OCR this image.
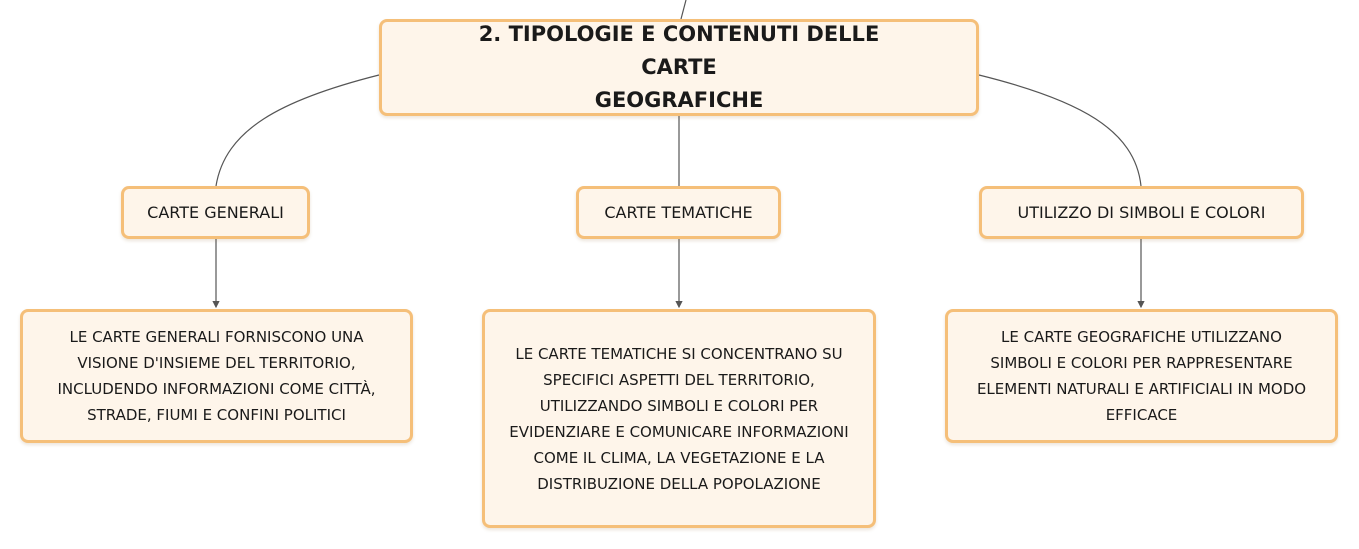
2. TIPOLOGIE E CONTENUTI DELLE CARTE
GEOGRAFICHE
CARTE GENERALI	CARTE TEMATICHE	UTILIZZO DI SIMBOLI E COLORI
LE CARTE GENERALI FORNISCONO UNA
VISIONE D'INSIEME DEL TERRITORIO,
INCLUDENDO INFORMAZIONI COME CITTÀ,
STRADE, FIUMI E CONFINI POLITICI
LE CARTE TEMATICHE SI CONCENTRANO SU
SPECIFICI ASPETTI DEL TERRITORIO,
UTILIZZANDO SIMBOLI E COLORI PER
EVIDENZIARE E COMUNICARE INFORMAZIONI
COME IL CLIMA, LA VEGETAZIONE E LA
DISTRIBUZIONE DELLA POPOLAZIONE
LE CARTE GEOGRAFICHE UTILIZZANO
SIMBOLI E COLORI PER RAPPRESENTARE
ELEMENTI NATURALI E ARTIFICIALI IN MODO
EFFICACE
